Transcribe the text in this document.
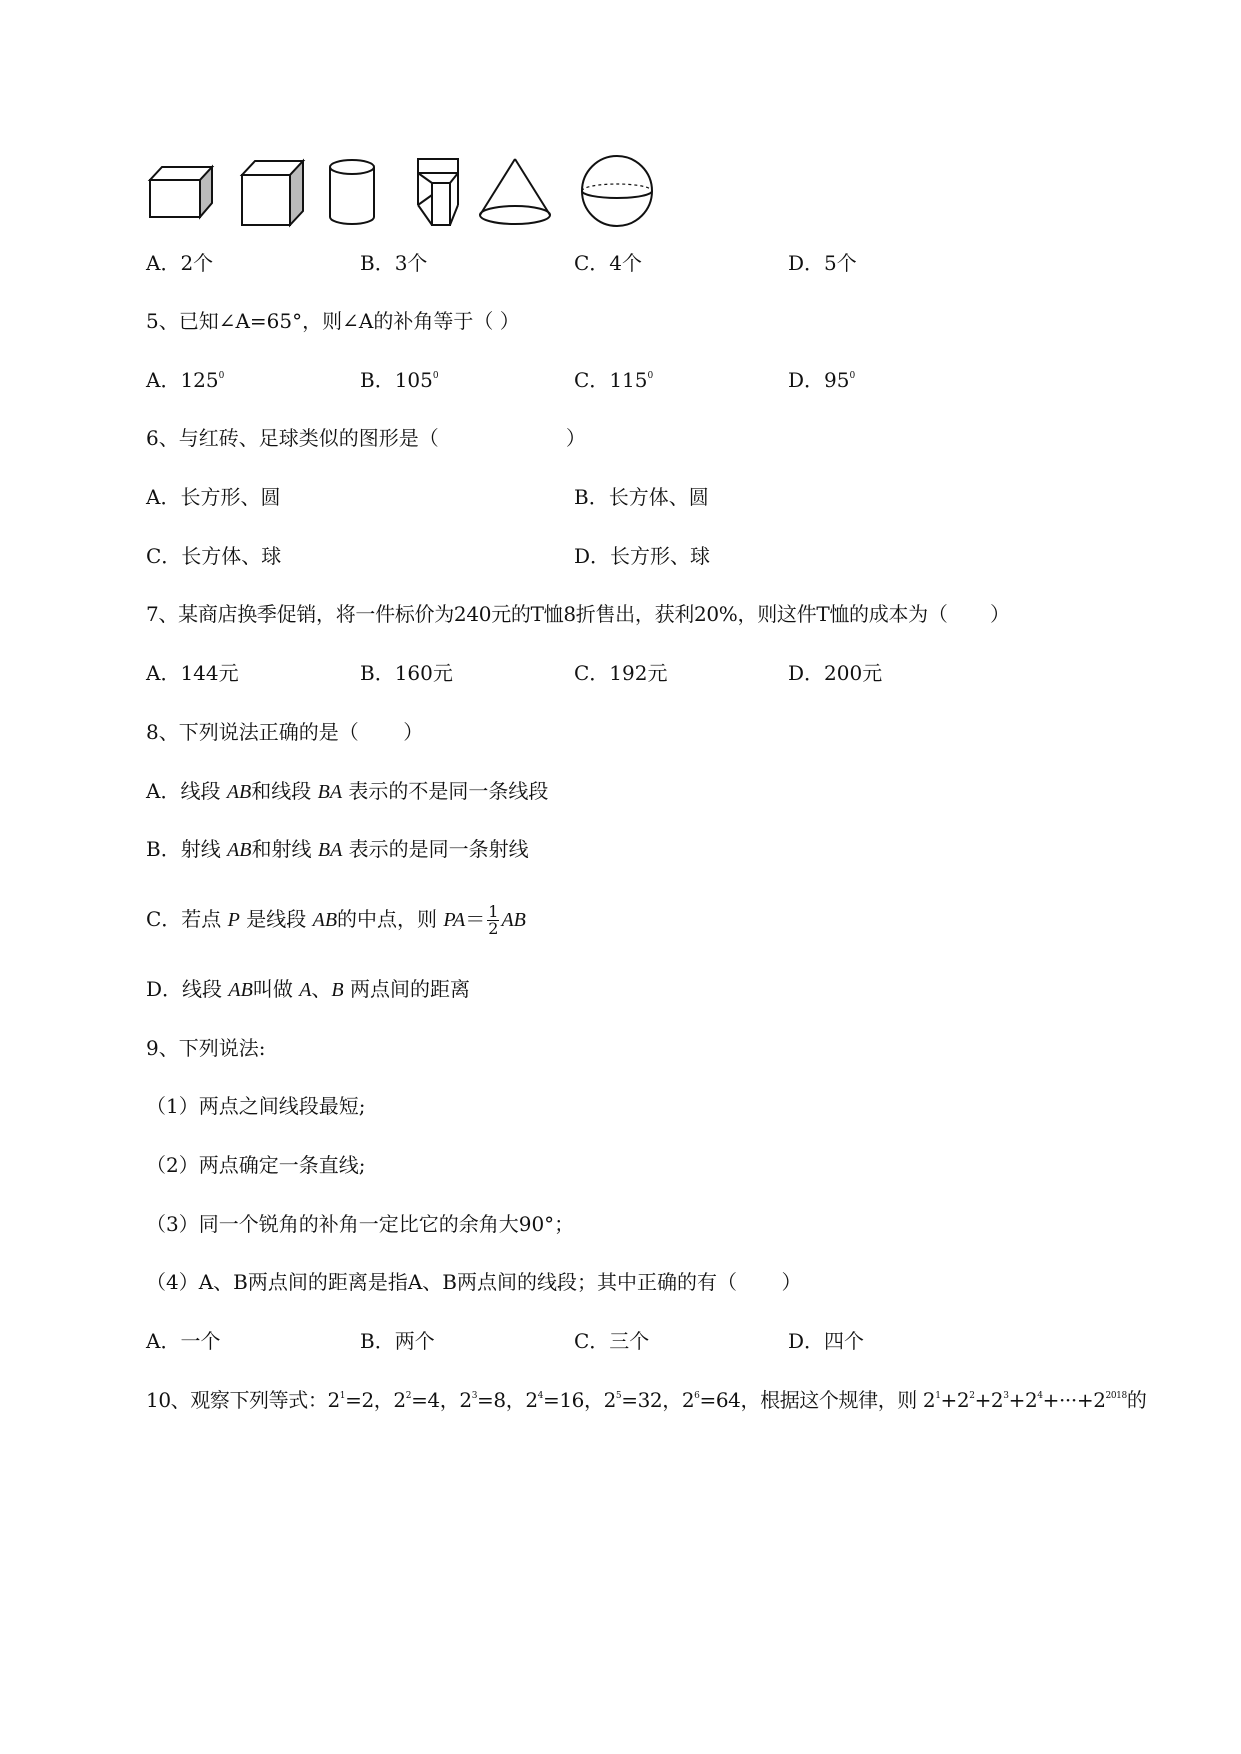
A．2个	B．3个	C．4个	D．5个
5、已知∠A=65°，则∠A的补角等于（ ）
A．$125^0$	B．$105^0$	C．$115^0$	D．$95^0$
6、与红砖、足球类似的图形是（                    ）
A．长方形、圆	B．长方体、圆
C．长方体、球	D．长方形、球
7、某商店换季促销，将一件标价为240元的T恤8折售出，获利20%，则这件T恤的成本为（       ）
A．144元	B．160元	C．192元	D．200元
8、下列说法正确的是（       ）
A．线段 AB和线段 BA 表示的不是同一条线段
B．射线 AB和射线 BA 表示的是同一条射线
C．若点 P 是线段 AB的中点，则 $PA= \frac{1}{2}$ AB
D．线段 AB叫做 A、B 两点间的距离
9、下列说法:
（1）两点之间线段最短;
（2）两点确定一条直线;
（3）同一个锐角的补角一定比它的余角大90°；
（4）A、B两点间的距离是指A、B两点间的线段；其中正确的有（       ）
A．一个	B．两个	C．三个	D．四个
10、观察下列等式：$2^1=2$，$2^2=4$，$2^3=8$，$2^4=16$，$2^5=32$，$2^6=64$，根据这个规律，则 $2^1+2^2+2^3+2^4+\cdot\cdot\cdot+2^{2018}$的
